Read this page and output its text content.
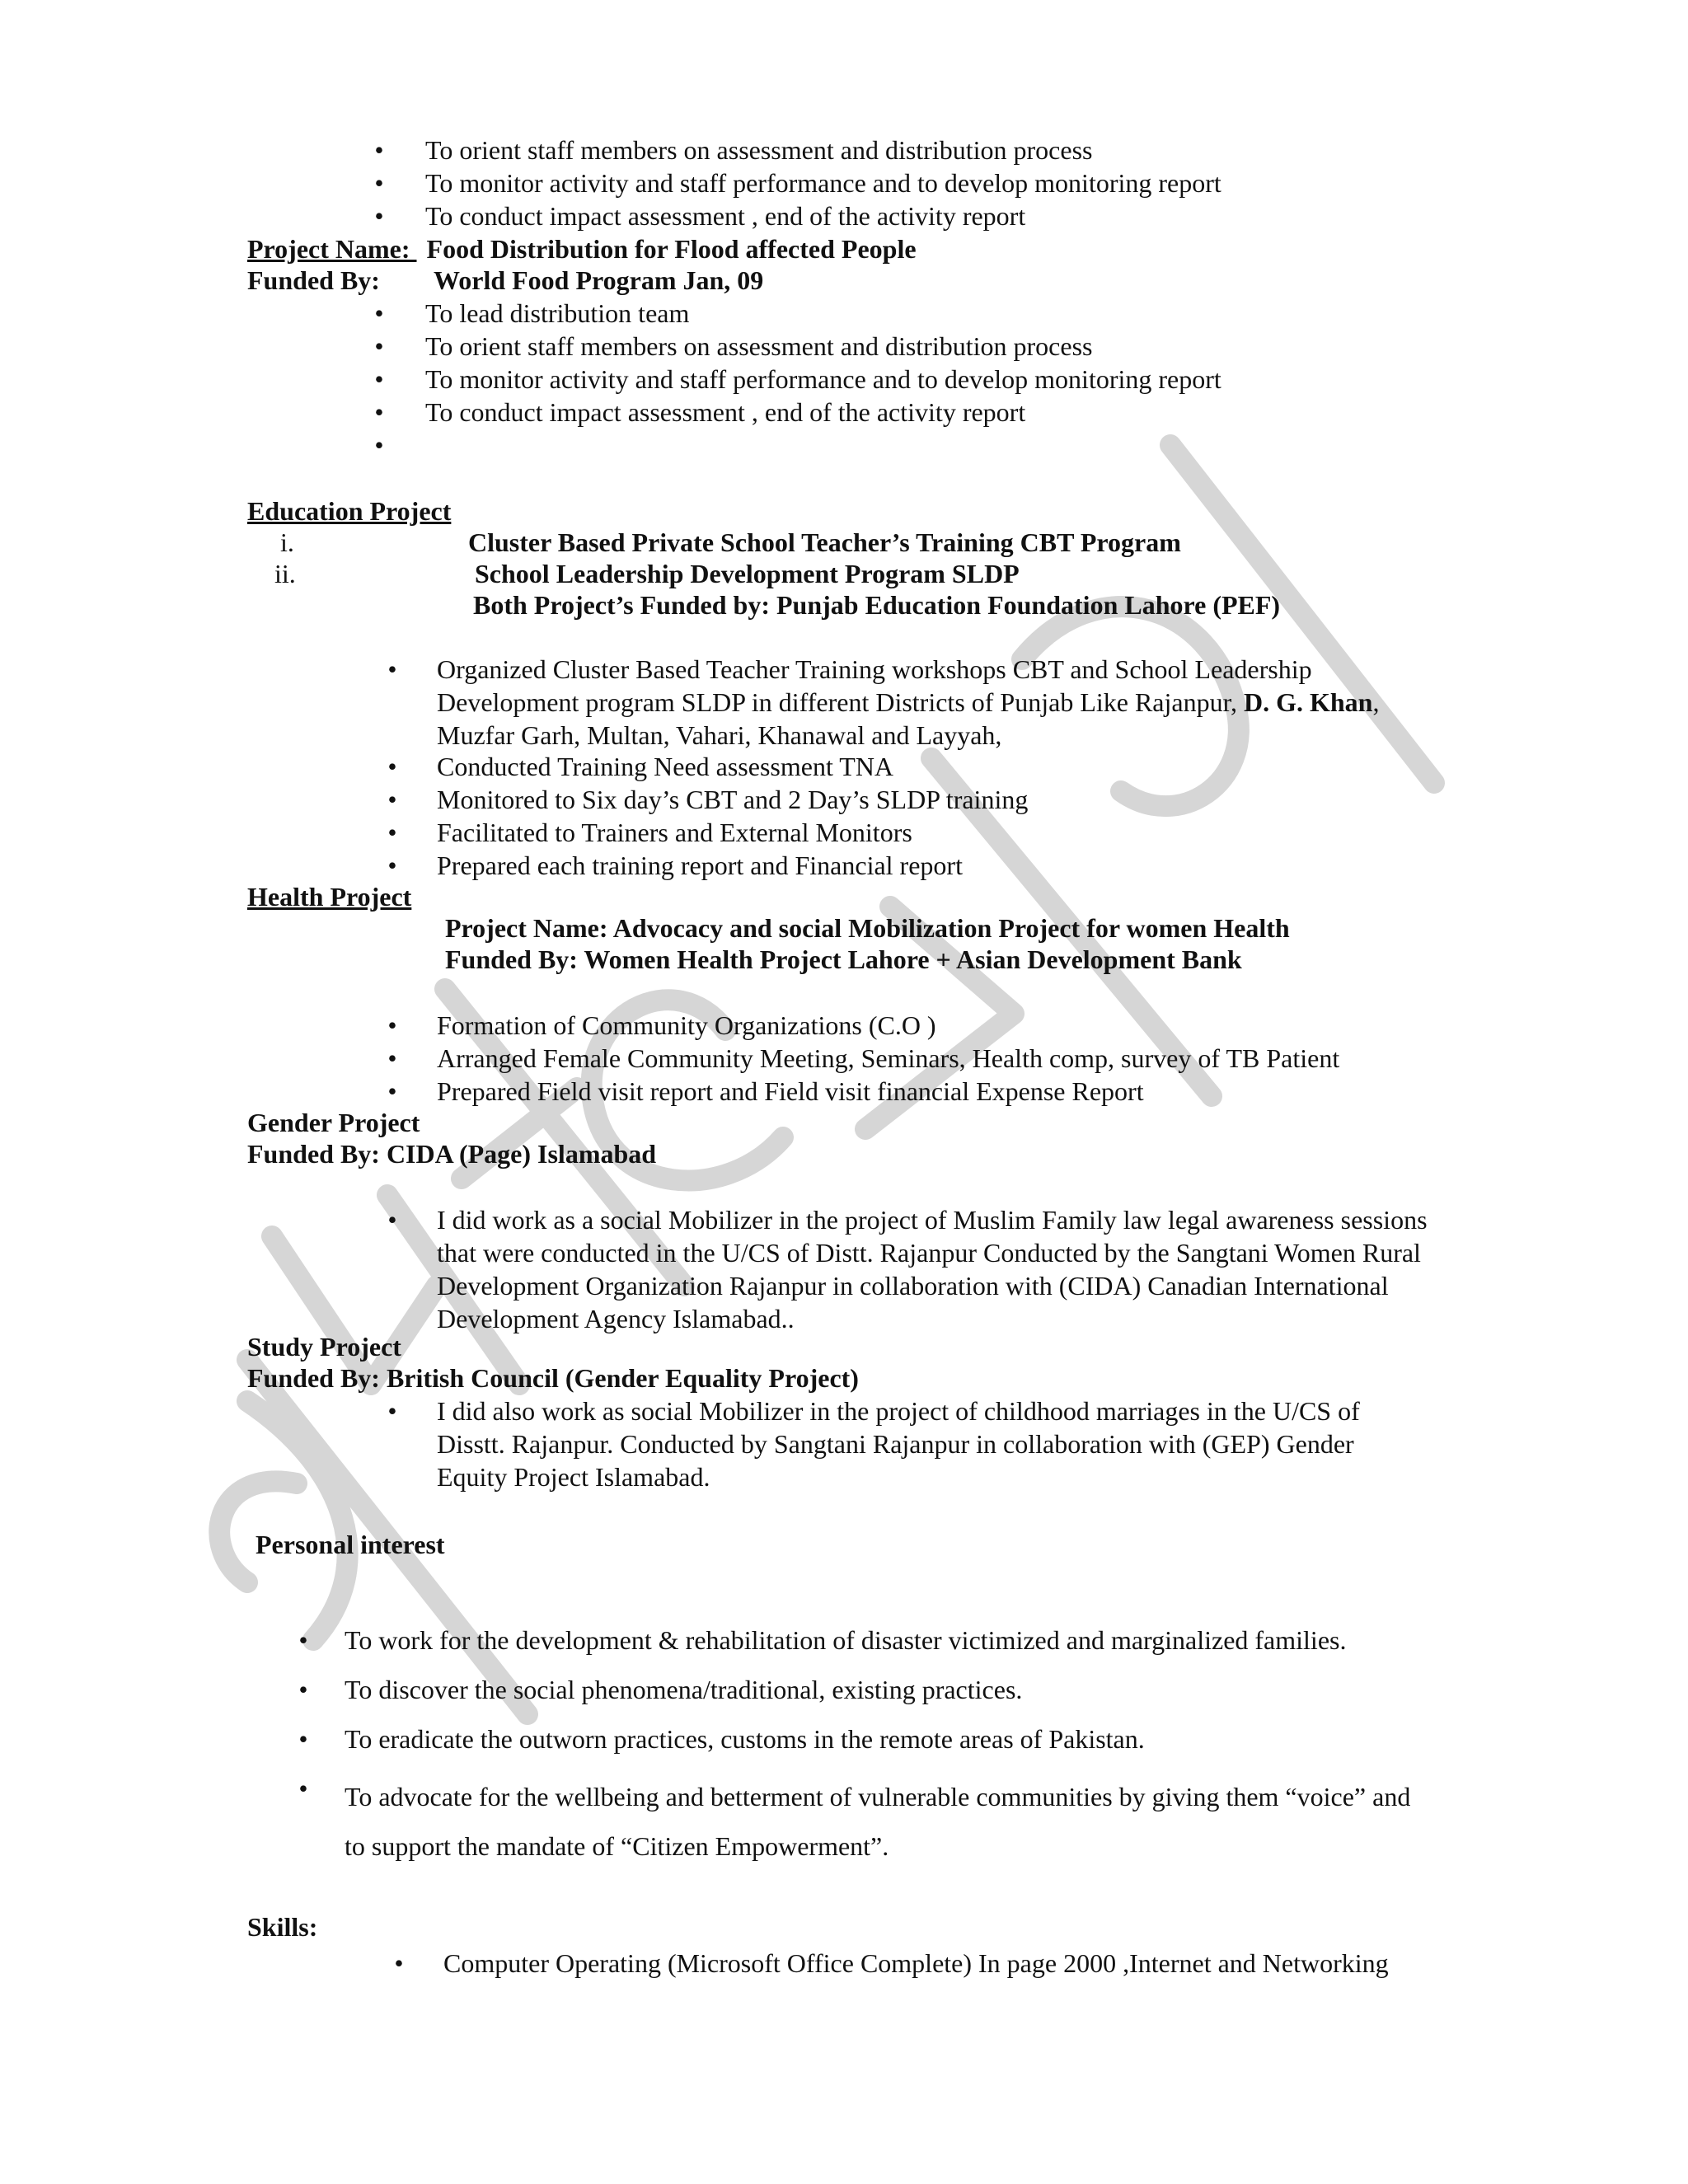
• To orient staff members on assessment and distribution process
• To monitor activity and staff performance and to develop monitoring report
• To conduct impact assessment , end of the activity report
Project Name: Food Distribution for Flood affected People
Funded By: World Food Program Jan, 09
• To lead distribution team
• To orient staff members on assessment and distribution process
• To monitor activity and staff performance and to develop monitoring report
• To conduct impact assessment , end of the activity report
•
Education Project
i.	Cluster Based Private School Teacher’s Training CBT Program
ii.	School Leadership Development Program SLDP
Both Project’s Funded by: Punjab Education Foundation Lahore (PEF)
• Organized Cluster Based Teacher Training workshops CBT and School Leadership
Development program SLDP in different Districts of Punjab Like Rajanpur, D. G. Khan,
Muzfar Garh, Multan, Vahari, Khanawal and Layyah,
• Conducted Training Need assessment TNA
• Monitored to Six day’s CBT and 2 Day’s SLDP training
• Facilitated to Trainers and External Monitors
• Prepared each training report and Financial report
Health Project
Project Name: Advocacy and social Mobilization Project for women Health
Funded By: Women Health Project Lahore + Asian Development Bank
• Formation of Community Organizations (C.O )
• Arranged Female Community Meeting, Seminars, Health comp, survey of TB Patient
• Prepared Field visit report and Field visit financial Expense Report
Gender Project
Funded By: CIDA (Page) Islamabad
• I did work as a social Mobilizer in the project of Muslim Family law legal awareness sessions
that were conducted in the U/CS of Distt. Rajanpur Conducted by the Sangtani Women Rural
Development Organization Rajanpur in collaboration with (CIDA) Canadian International
Development Agency Islamabad..
Study Project
Funded By: British Council (Gender Equality Project)
• I did also work as social Mobilizer in the project of childhood marriages in the U/CS of
Disstt. Rajanpur. Conducted by Sangtani Rajanpur in collaboration with (GEP) Gender
Equity Project Islamabad.
Personal interest
• To work for the development & rehabilitation of disaster victimized and marginalized families.
• To discover the social phenomena/traditional, existing practices.
• To eradicate the outworn practices, customs in the remote areas of Pakistan.
• To advocate for the wellbeing and betterment of vulnerable communities by giving them “voice” and
to support the mandate of “Citizen Empowerment”.
Skills:
• Computer Operating (Microsoft Office Complete) In page 2000 ,Internet and Networking
